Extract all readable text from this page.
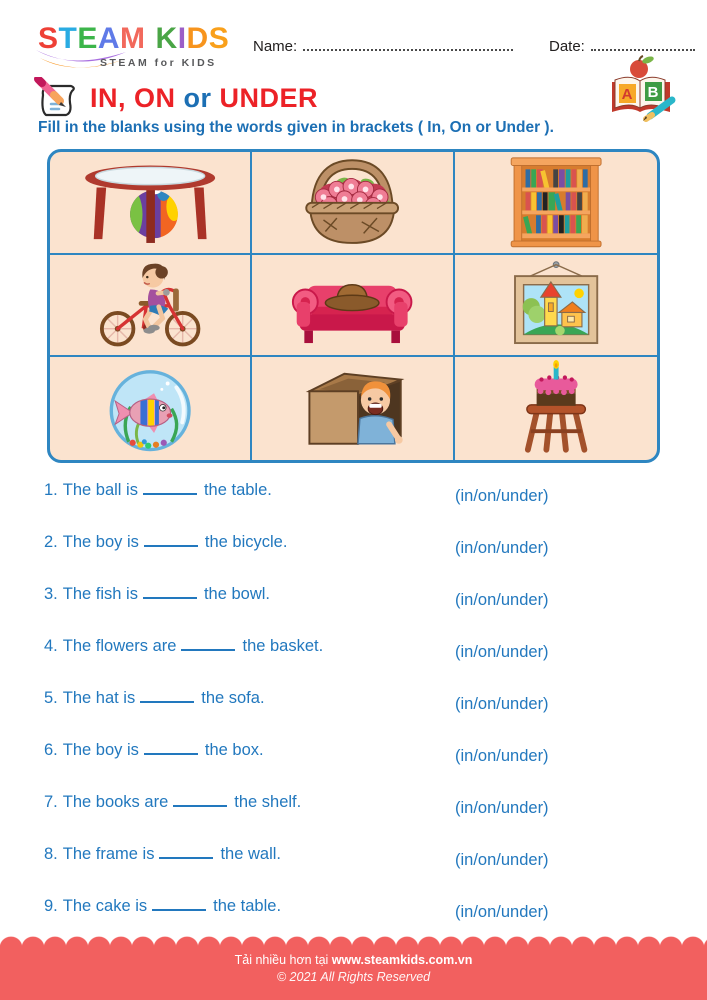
STEAM KIDS
STEAM for KIDS
Name:	Date:
A B
IN, ON or UNDER
Fill in the blanks using the words given in brackets ( In, On or Under ).
1. The ball is	the table.	(in/on/under)
2. The boy is	the bicycle.	(in/on/under)
3. The fish is	the bowl.	(in/on/under)
4. The flowers are	the basket.	(in/on/under)
5. The hat is	the sofa.	(in/on/under)
6. The boy is	the box.	(in/on/under)
7. The books are	the shelf.	(in/on/under)
8. The frame is	the wall.	(in/on/under)
9. The cake is	the table.	(in/on/under)
Tải nhiều hơn tại www.steamkids.com.vn
© 2021 All Rights Reserved
